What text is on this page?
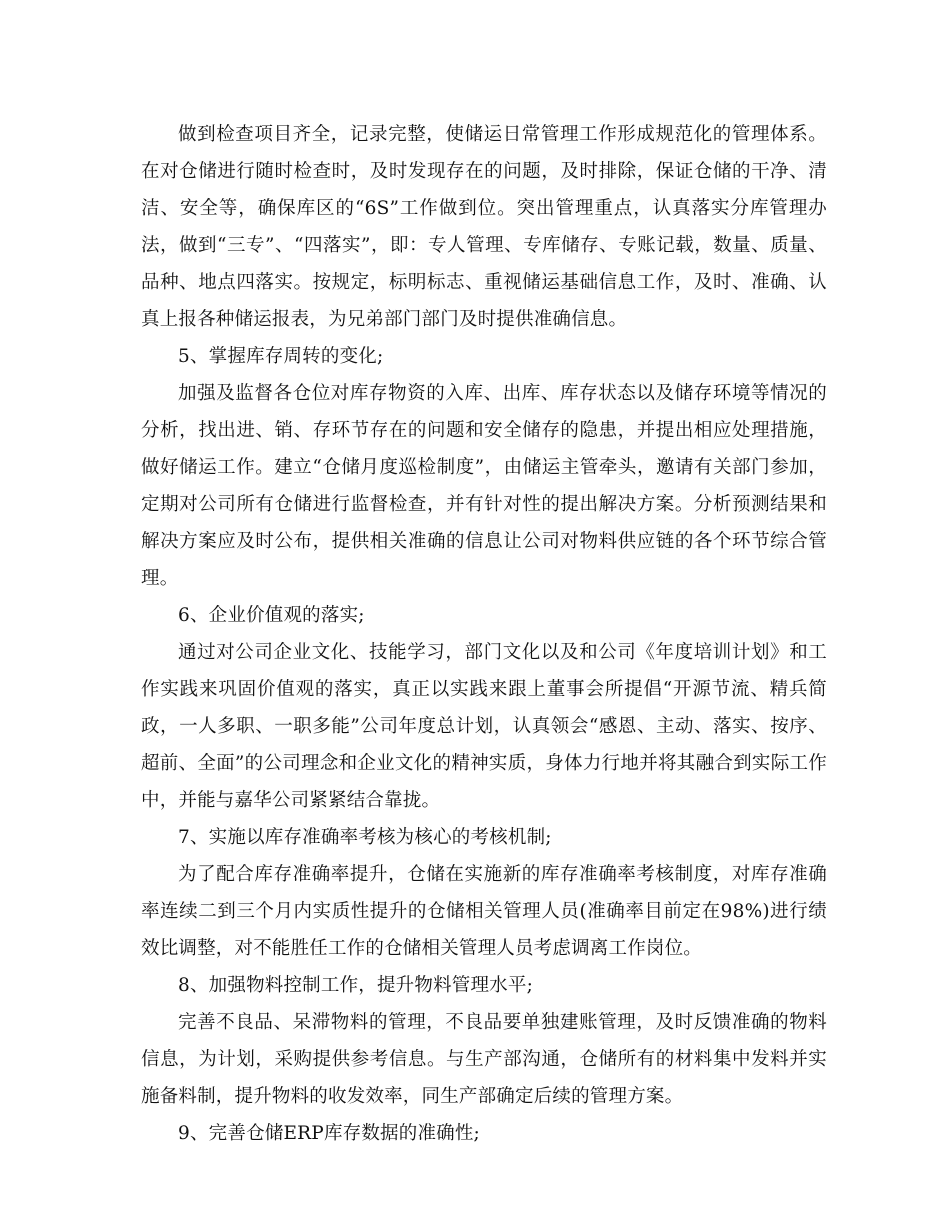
做到检查项目齐全，记录完整，使储运日常管理工作形成规范化的管理体系。在对仓储进行随时检查时，及时发现存在的问题，及时排除，保证仓储的干净、清洁、安全等，确保库区的“6S”工作做到位。突出管理重点，认真落实分库管理办法，做到“三专”、“四落实”，即：专人管理、专库储存、专账记载，数量、质量、品种、地点四落实。按规定，标明标志、重视储运基础信息工作，及时、准确、认真上报各种储运报表，为兄弟部门部门及时提供准确信息。

5、掌握库存周转的变化;

加强及监督各仓位对库存物资的入库、出库、库存状态以及储存环境等情况的分析，找出进、销、存环节存在的问题和安全储存的隐患，并提出相应处理措施，做好储运工作。建立“仓储月度巡检制度”，由储运主管牵头，邀请有关部门参加，定期对公司所有仓储进行监督检查，并有针对性的提出解决方案。分析预测结果和解决方案应及时公布，提供相关准确的信息让公司对物料供应链的各个环节综合管理。

6、企业价值观的落实;

通过对公司企业文化、技能学习，部门文化以及和公司《年度培训计划》和工作实践来巩固价值观的落实，真正以实践来跟上董事会所提倡“开源节流、精兵简政，一人多职、一职多能”公司年度总计划，认真领会“感恩、主动、落实、按序、超前、全面”的公司理念和企业文化的精神实质，身体力行地并将其融合到实际工作中，并能与嘉华公司紧紧结合靠拢。

7、实施以库存准确率考核为核心的考核机制;

为了配合库存准确率提升，仓储在实施新的库存准确率考核制度，对库存准确率连续二到三个月内实质性提升的仓储相关管理人员(准确率目前定在98%)进行绩效比调整，对不能胜任工作的仓储相关管理人员考虑调离工作岗位。

8、加强物料控制工作，提升物料管理水平;

完善不良品、呆滞物料的管理，不良品要单独建账管理，及时反馈准确的物料信息，为计划，采购提供参考信息。与生产部沟通，仓储所有的材料集中发料并实施备料制，提升物料的收发效率，同生产部确定后续的管理方案。

9、完善仓储ERP库存数据的准确性;
